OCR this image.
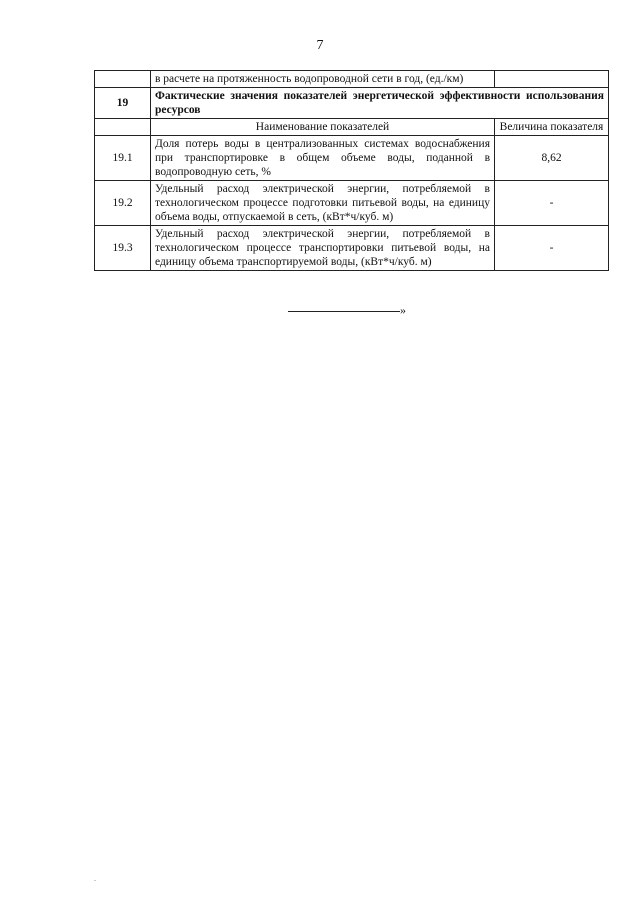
7
	в расчете на протяженность водопроводной сети в год, (ед./км)	
19	Фактические значения показателей энергетической эффективности использования ресурсов	
	Наименование показателей	Величина показателя
19.1	Доля потерь воды в централизованных системах водоснабжения при транспортировке в общем объеме воды, поданной в водопроводную сеть, %	8,62
19.2	Удельный расход электрической энергии, потребляемой в технологическом процессе подготовки питьевой воды, на единицу объема воды, отпускаемой в сеть, (кВт*ч/куб. м)	-
19.3	Удельный расход электрической энергии, потребляемой в технологическом процессе транспортировки питьевой воды, на единицу объема транспортируемой воды, (кВт*ч/куб. м)	-
»
.
